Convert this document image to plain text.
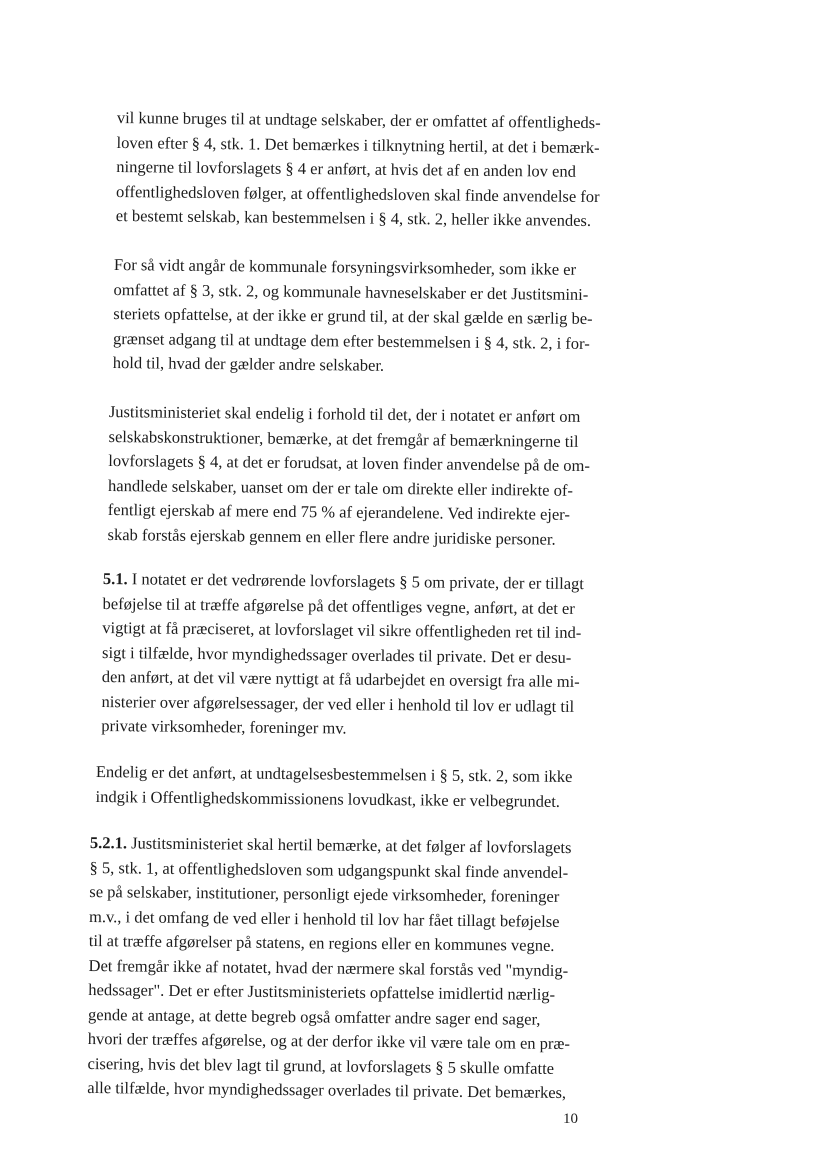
vil kunne bruges til at undtage selskaber, der er omfattet af offentligheds-
loven efter § 4, stk. 1. Det bemærkes i tilknytning hertil, at det i bemærk-
ningerne til lovforslagets § 4 er anført, at hvis det af en anden lov end
offentlighedsloven følger, at offentlighedsloven skal finde anvendelse for
et bestemt selskab, kan bestemmelsen i § 4, stk. 2, heller ikke anvendes.
For så vidt angår de kommunale forsyningsvirksomheder, som ikke er
omfattet af § 3, stk. 2, og kommunale havneselskaber er det Justitsmini-
steriets opfattelse, at der ikke er grund til, at der skal gælde en særlig be-
grænset adgang til at undtage dem efter bestemmelsen i § 4, stk. 2, i for-
hold til, hvad der gælder andre selskaber.
Justitsministeriet skal endelig i forhold til det, der i notatet er anført om
selskabskonstruktioner, bemærke, at det fremgår af bemærkningerne til
lovforslagets § 4, at det er forudsat, at loven finder anvendelse på de om-
handlede selskaber, uanset om der er tale om direkte eller indirekte of-
fentligt ejerskab af mere end 75 % af ejerandelene. Ved indirekte ejer-
skab forstås ejerskab gennem en eller flere andre juridiske personer.
5.1. I notatet er det vedrørende lovforslagets § 5 om private, der er tillagt
beføjelse til at træffe afgørelse på det offentliges vegne, anført, at det er
vigtigt at få præciseret, at lovforslaget vil sikre offentligheden ret til ind-
sigt i tilfælde, hvor myndighedssager overlades til private. Det er desu-
den anført, at det vil være nyttigt at få udarbejdet en oversigt fra alle mi-
nisterier over afgørelsessager, der ved eller i henhold til lov er udlagt til
private virksomheder, foreninger mv.
Endelig er det anført, at undtagelsesbestemmelsen i § 5, stk. 2, som ikke
indgik i Offentlighedskommissionens lovudkast, ikke er velbegrundet.
5.2.1. Justitsministeriet skal hertil bemærke, at det følger af lovforslagets
§ 5, stk. 1, at offentlighedsloven som udgangspunkt skal finde anvendel-
se på selskaber, institutioner, personligt ejede virksomheder, foreninger
m.v., i det omfang de ved eller i henhold til lov har fået tillagt beføjelse
til at træffe afgørelser på statens, en regions eller en kommunes vegne.
Det fremgår ikke af notatet, hvad der nærmere skal forstås ved "myndig-
hedssager". Det er efter Justitsministeriets opfattelse imidlertid nærlig-
gende at antage, at dette begreb også omfatter andre sager end sager,
hvori der træffes afgørelse, og at der derfor ikke vil være tale om en præ-
cisering, hvis det blev lagt til grund, at lovforslagets § 5 skulle omfatte
alle tilfælde, hvor myndighedssager overlades til private. Det bemærkes,

10
